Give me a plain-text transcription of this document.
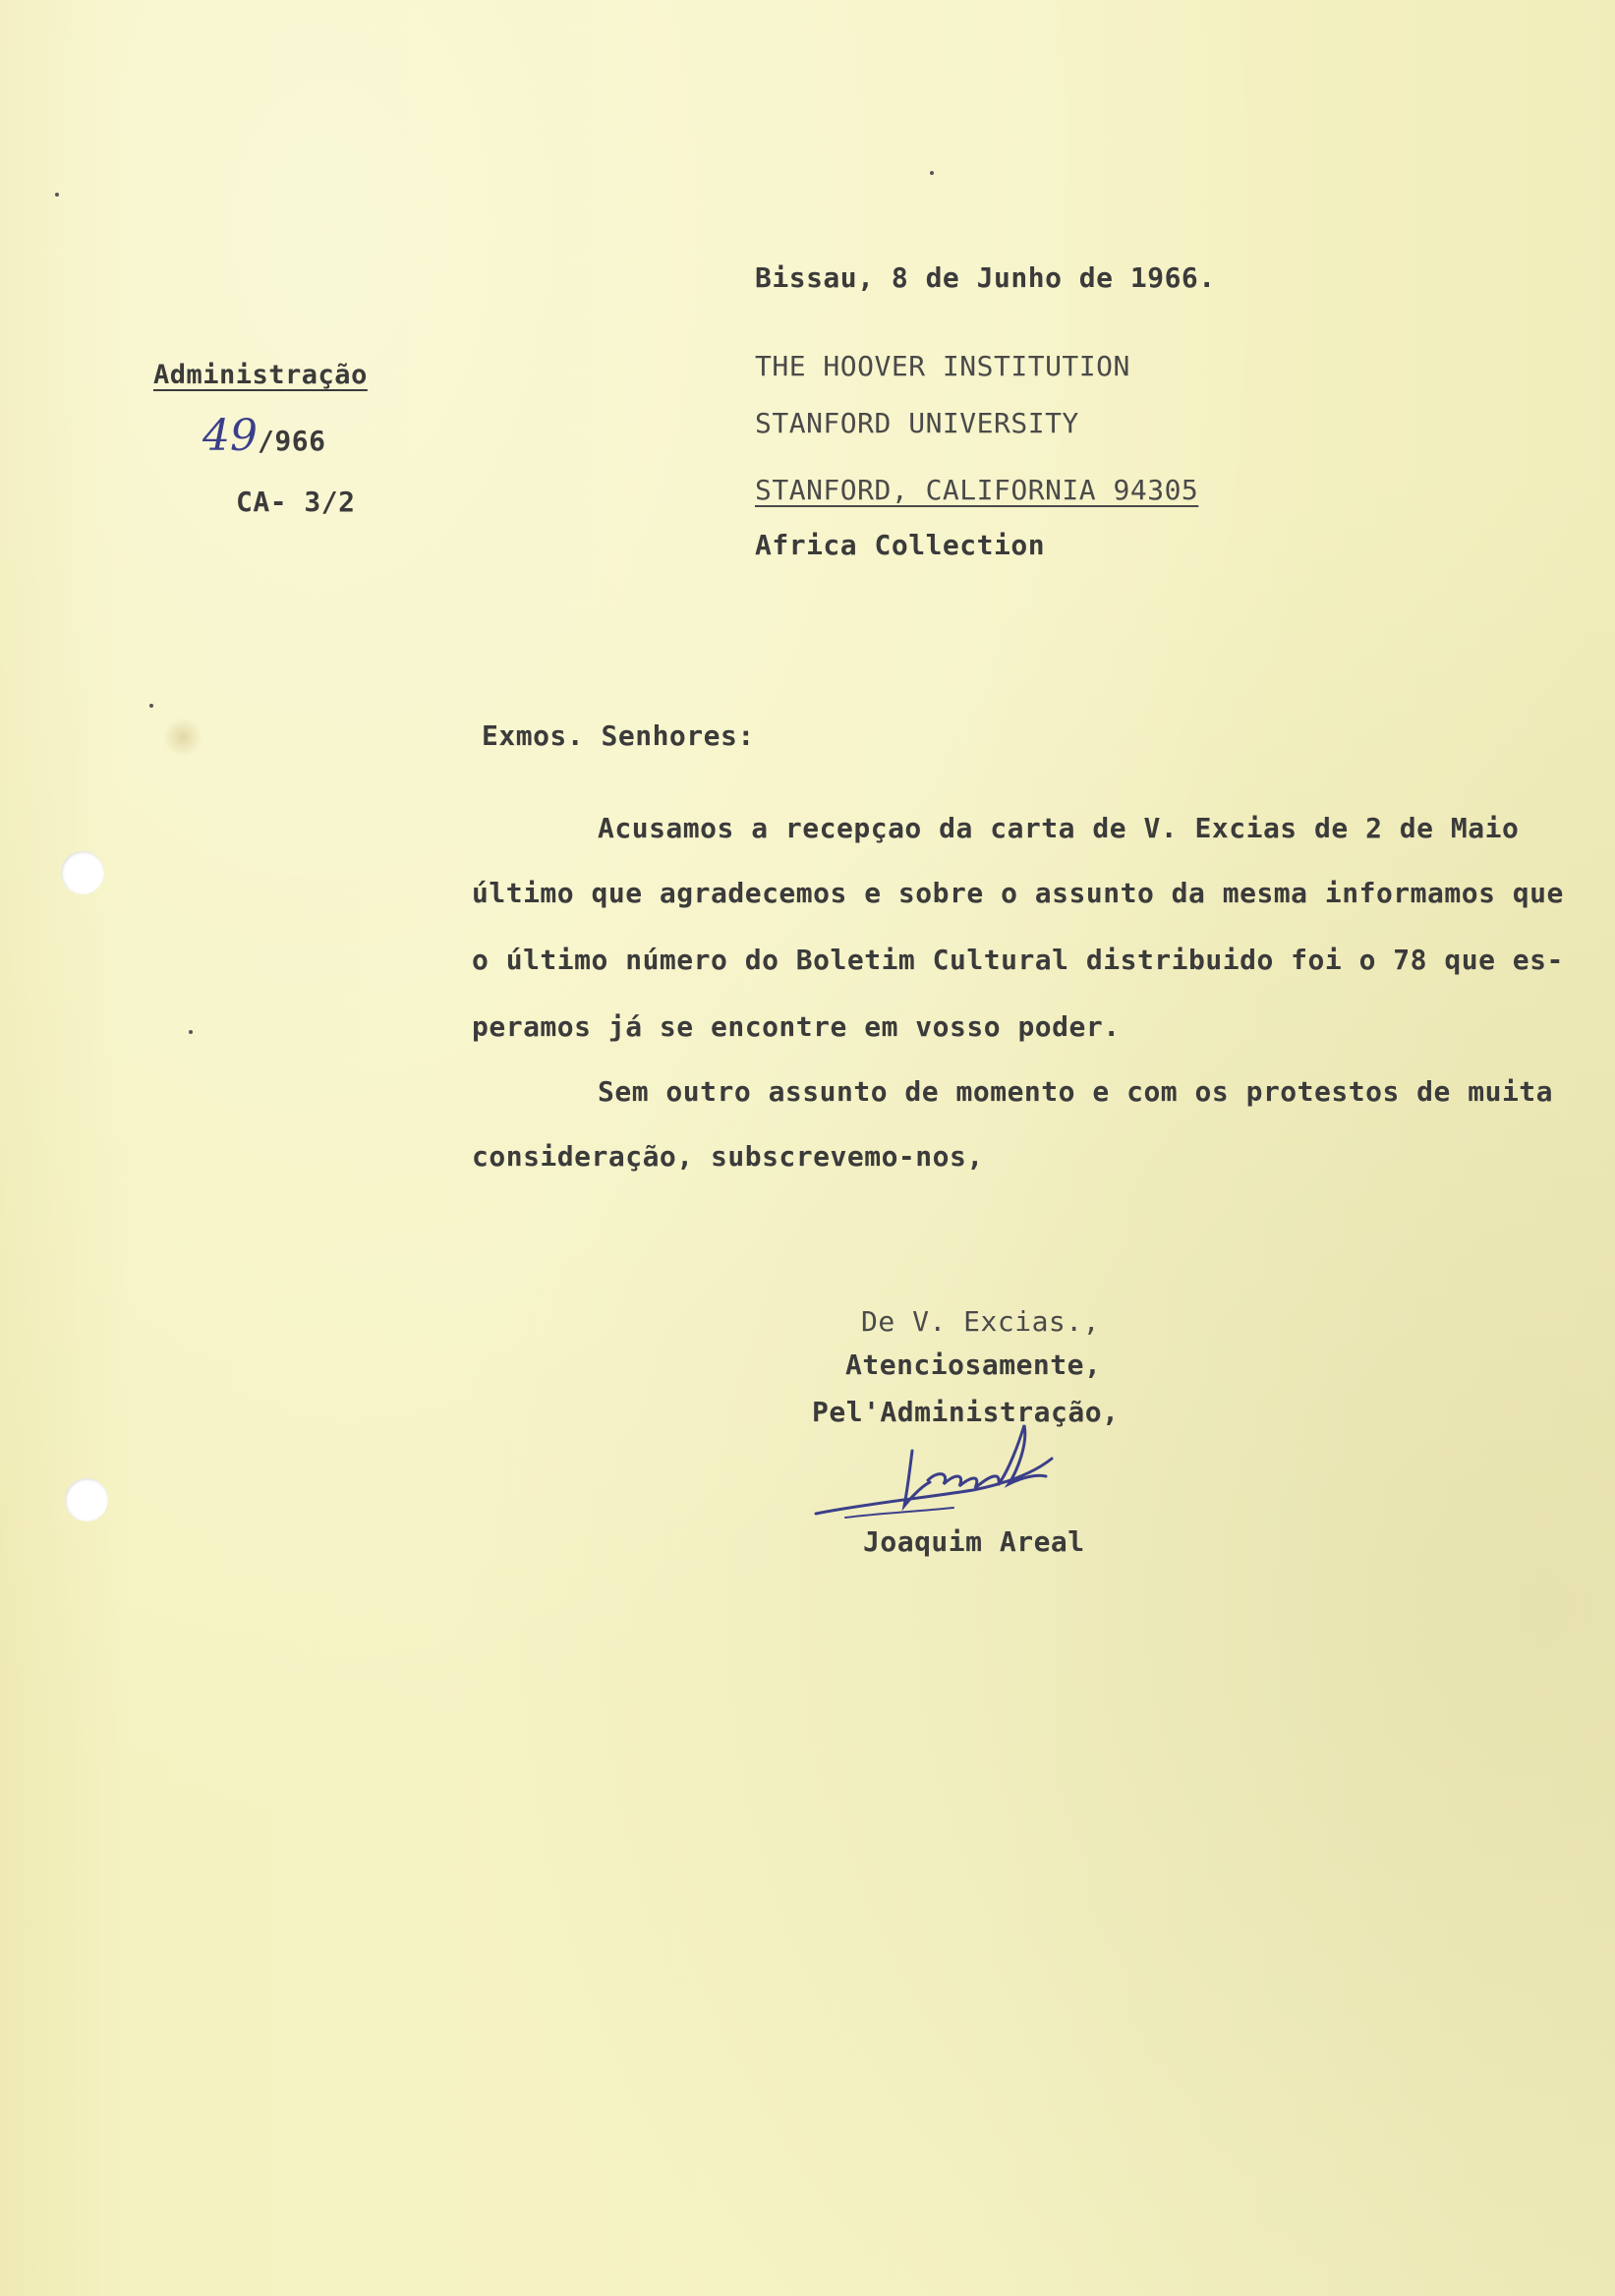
Bissau, 8 de Junho de 1966.
Administração
49/966
CA- 3/2
THE HOOVER INSTITUTION
STANFORD UNIVERSITY
STANFORD, CALIFORNIA 94305
Africa Collection
Exmos. Senhores:
Acusamos a recepçao da carta de V. Excias de 2 de Maio
último que agradecemos e sobre o assunto da mesma informamos que
o último número do Boletim Cultural distribuido foi o 78 que es-
peramos já se encontre em vosso poder.
Sem outro assunto de momento e com os protestos de muita
consideração, subscrevemo-nos,
De V. Excias.,
Atenciosamente,
Pel'Administração,
Joaquim Areal
